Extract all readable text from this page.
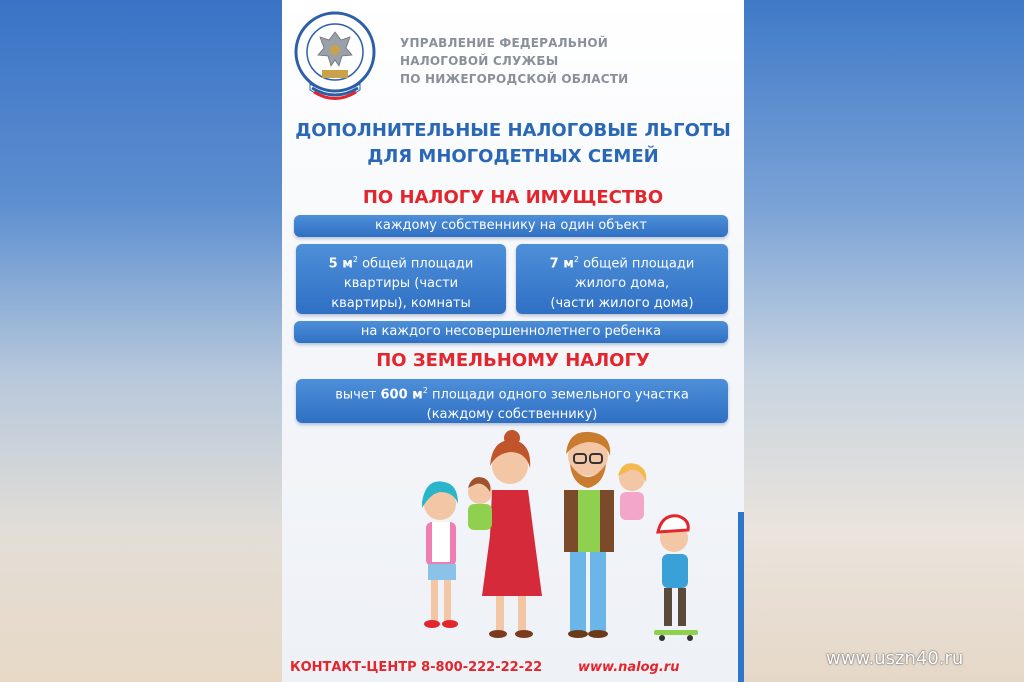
УПРАВЛЕНИЕ ФЕДЕРАЛЬНОЙ
НАЛОГОВОЙ СЛУЖБЫ
ПО НИЖЕГОРОДСКОЙ ОБЛАСТИ
ДОПОЛНИТЕЛЬНЫЕ НАЛОГОВЫЕ ЛЬГОТЫ
ДЛЯ МНОГОДЕТНЫХ СЕМЕЙ
ПО НАЛОГУ НА ИМУЩЕСТВО
каждому собственнику на один объект
5 $м^2$ общей площади
квартиры (части
квартиры), комнаты
7 $м^2$ общей площади
жилого дома,
(части жилого дома)
на каждого несовершеннолетнего ребенка
ПО ЗЕМЕЛЬНОМУ НАЛОГУ
вычет 600 $м^2$ площади одного земельного участка
(каждому собственнику)
КОНТАКТ-ЦЕНТР 8-800-222-22-22	www.nalog.ru	www.uszn40.ru
